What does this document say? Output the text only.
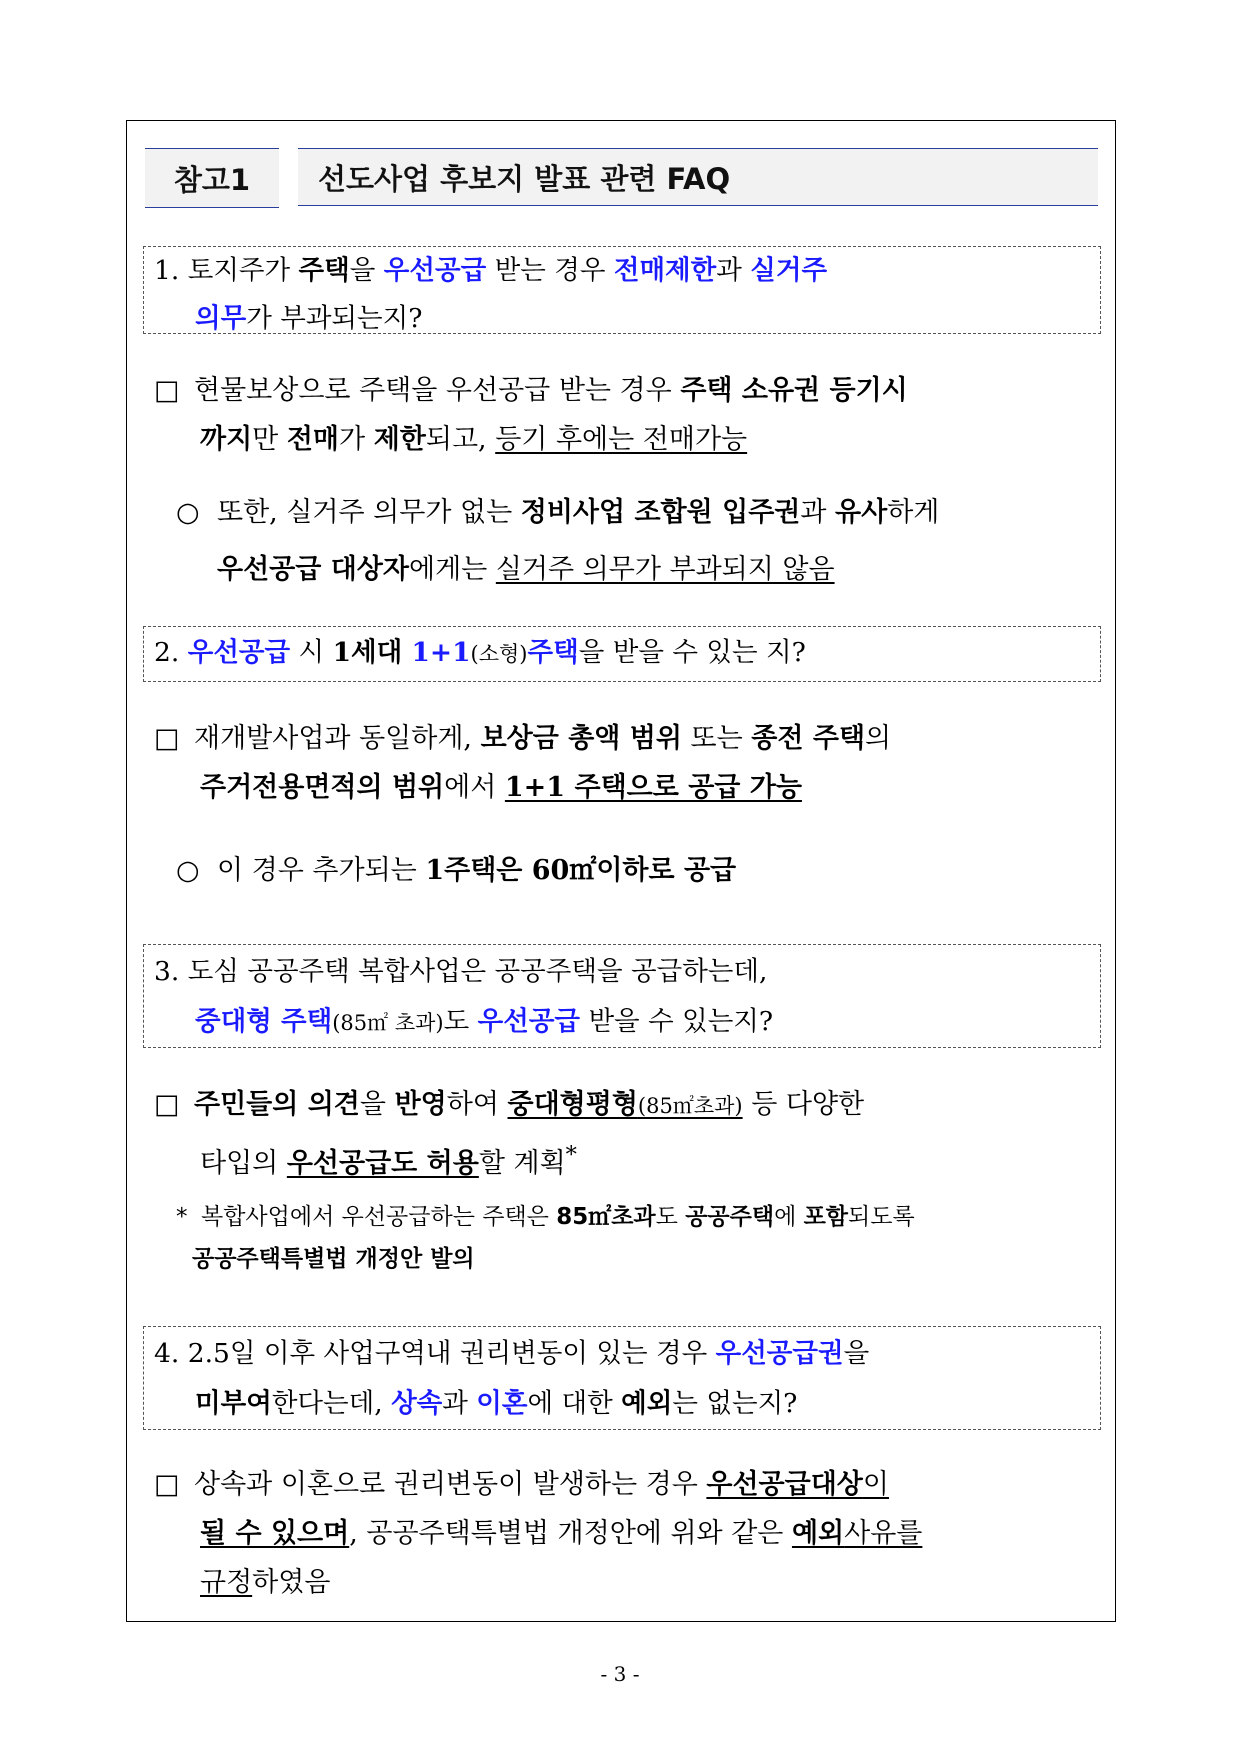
참고1 선도사업 후보지 발표 관련 FAQ
1. 토지주가 주택을 우선공급 받는 경우 전매제한과 실거주
의무가 부과되는지?
□ 현물보상으로 주택을 우선공급 받는 경우 주택 소유권 등기시
까지만 전매가 제한되고, 등기 후에는 전매가능
○ 또한, 실거주 의무가 없는 정비사업 조합원 입주권과 유사하게
우선공급 대상자에게는 실거주 의무가 부과되지 않음
2. 우선공급 시 1세대 1+1(소형)주택을 받을 수 있는 지?
□ 재개발사업과 동일하게, 보상금 총액 범위 또는 종전 주택의
주거전용면적의 범위에서 1+1 주택으로 공급 가능
○ 이 경우 추가되는 1주택은 60㎡이하로 공급
3. 도심 공공주택 복합사업은 공공주택을 공급하는데,
중대형 주택(85㎡ 초과)도 우선공급 받을 수 있는지?
□ 주민들의 의견을 반영하여 중대형평형(85㎡초과) 등 다양한
타입의 우선공급도 허용할 계획*
* 복합사업에서 우선공급하는 주택은 85㎡초과도 공공주택에 포함되도록
공공주택특별법 개정안 발의
4. 2.5일 이후 사업구역내 권리변동이 있는 경우 우선공급권을
미부여한다는데, 상속과 이혼에 대한 예외는 없는지?
□ 상속과 이혼으로 권리변동이 발생하는 경우 우선공급대상이
될 수 있으며, 공공주택특별법 개정안에 위와 같은 예외사유를
규정하였음
- 3 -
